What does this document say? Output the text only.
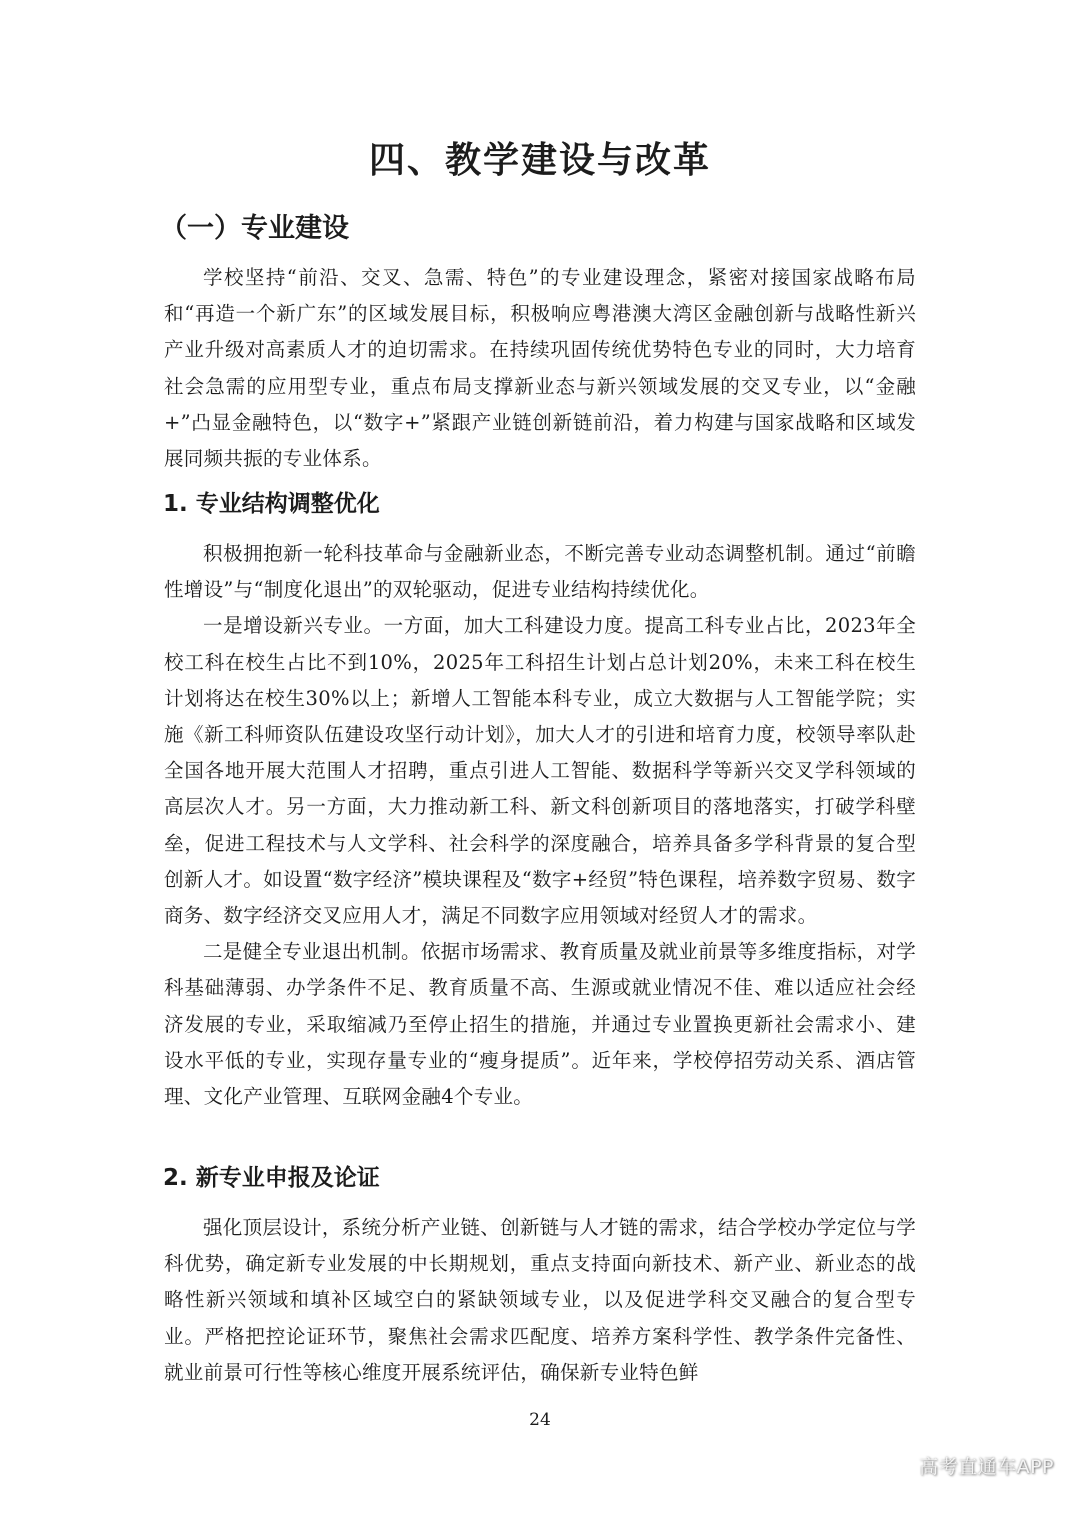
四、教学建设与改革
（一）专业建设

学校坚持“前沿、交叉、急需、特色”的专业建设理念，紧密对接国家战略布局和“再造一个新广东”的区域发展目标，积极响应粤港澳大湾区金融创新与战略性新兴产业升级对高素质人才的迫切需求。在持续巩固传统优势特色专业的同时，大力培育社会急需的应用型专业，重点布局支撑新业态与新兴领域发展的交叉专业，以“金融+”凸显金融特色，以“数字+”紧跟产业链创新链前沿，着力构建与国家战略和区域发展同频共振的专业体系。

1. 专业结构调整优化

积极拥抱新一轮科技革命与金融新业态，不断完善专业动态调整机制。通过“前瞻性增设”与“制度化退出”的双轮驱动，促进专业结构持续优化。

一是增设新兴专业。一方面，加大工科建设力度。提高工科专业占比，2023年全校工科在校生占比不到10%，2025年工科招生计划占总计划20%，未来工科在校生计划将达在校生30%以上；新增人工智能本科专业，成立大数据与人工智能学院；实施《新工科师资队伍建设攻坚行动计划》，加大人才的引进和培育力度，校领导率队赴全国各地开展大范围人才招聘，重点引进人工智能、数据科学等新兴交叉学科领域的高层次人才。另一方面，大力推动新工科、新文科创新项目的落地落实，打破学科壁垒，促进工程技术与人文学科、社会科学的深度融合，培养具备多学科背景的复合型创新人才。如设置“数字经济”模块课程及“数字+经贸”特色课程，培养数字贸易、数字商务、数字经济交叉应用人才，满足不同数字应用领域对经贸人才的需求。

二是健全专业退出机制。依据市场需求、教育质量及就业前景等多维度指标，对学科基础薄弱、办学条件不足、教育质量不高、生源或就业情况不佳、难以适应社会经济发展的专业，采取缩减乃至停止招生的措施，并通过专业置换更新社会需求小、建设水平低的专业，实现存量专业的“瘦身提质”。近年来，学校停招劳动关系、酒店管理、文化产业管理、互联网金融4个专业。

2. 新专业申报及论证

强化顶层设计，系统分析产业链、创新链与人才链的需求，结合学校办学定位与学科优势，确定新专业发展的中长期规划，重点支持面向新技术、新产业、新业态的战略性新兴领域和填补区域空白的紧缺领域专业，以及促进学科交叉融合的复合型专业。严格把控论证环节，聚焦社会需求匹配度、培养方案科学性、教学条件完备性、就业前景可行性等核心维度开展系统评估，确保新专业特色鲜

24
高考直通车APP
